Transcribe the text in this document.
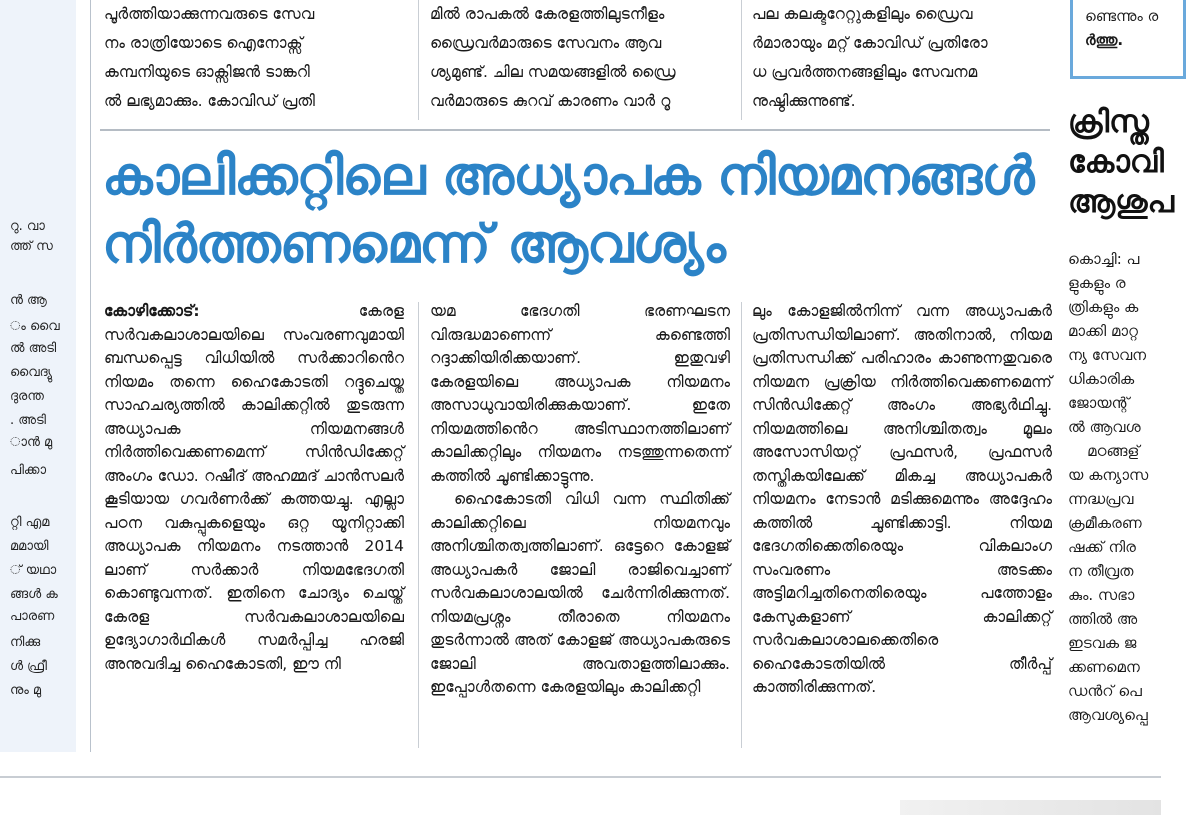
റു. വാ
ത്ത് സ
ൻ ആ
ം വൈ
ൽ അടി
വൈദ്യു
ദുരന്ത
. അടി
ാൻ മു
പിക്കാ
റ്റി എമ
മമായി
് യഥാ
ങ്ങൾ ക
പാരണ
നിക്കു
ൾ ഫ്രീ
നും മു
പൂർത്തിയാക്കുന്നവരുടെ സേവ
നം രാത്രിയോടെ ഐനോക്സ്
കമ്പനിയുടെ ഓക്സിജൻ ടാങ്കറി
ൽ ലഭ്യമാക്കും. കോവിഡ് പ്രതി
മിൽ രാപകൽ കേരളത്തിലുടനീളം
ഡ്രൈവർമാരുടെ സേവനം ആവ
ശ്യമുണ്ട്. ചില സമയങ്ങളിൽ ഡ്രൈ
വർമാരുടെ കുറവ് കാരണം വാർ റൂ
പല കലക്ടറേറ്റുകളിലും ഡ്രൈവ
ർമാരായും മറ്റ് കോവിഡ് പ്രതിരോ
ധ പ്രവർത്തനങ്ങളിലും സേവനമ
നുഷ്ഠിക്കുന്നുണ്ട്.
കാലിക്കറ്റിലെ അധ്യാപക നിയമനങ്ങൾ
നിർത്തണമെന്ന് ആവശ്യം

കോഴിക്കോട്:	കേരള സർവകലാശാലയിലെ സംവരണവുമായി ബന്ധപ്പെട്ട വിധിയിൽ സർക്കാറിൻെറ നിയമം തന്നെ ഹൈകോടതി റദ്ദുചെയ്ത സാഹചര്യത്തിൽ കാലിക്കറ്റിൽ തുടരുന്ന അധ്യാപക നിയമനങ്ങൾ നിർത്തിവെക്കണമെന്ന് സിൻഡിക്കേറ്റ് അംഗം ഡോ. റഷീദ് അഹമ്മദ് ചാൻസലർ കൂടിയായ ഗവർണർക്ക് കത്തയച്ചു. എല്ലാ പഠന വകുപ്പുകളെയും ഒറ്റ യൂനിറ്റാക്കി അധ്യാപക നിയമനം നടത്താൻ 2014 ലാണ് സർക്കാർ നിയമഭേദഗതി കൊണ്ടുവന്നത്. ഇതിനെ ചോദ്യം ചെയ്ത് കേരള സർവകലാശാലയിലെ ഉദ്യോഗാർഥികൾ സമർപ്പിച്ച ഹരജി അനുവദിച്ച ഹൈകോടതി, ഈ നി

യമ ഭേദഗതി ഭരണഘടന വിരുദ്ധമാണെന്ന് കണ്ടെത്തി റദ്ദാക്കിയിരിക്കയാണ്. ഇതുവഴി കേരളയിലെ അധ്യാപക നിയമനം അസാധുവായിരിക്കുകയാണ്. ഇതേ നിയമത്തിൻെറ അടിസ്ഥാനത്തിലാണ് കാലിക്കറ്റിലും നിയമനം നടത്തുന്നതെന്ന് കത്തിൽ ചൂണ്ടിക്കാട്ടുന്നു.

ഹൈകോടതി വിധി വന്ന സ്ഥിതിക്ക് കാലിക്കറ്റിലെ നിയമനവും അനിശ്ചിതത്വത്തിലാണ്. ഒട്ടേറെ കോളജ് അധ്യാപകർ ജോലി രാജിവെച്ചാണ് സർവകലാശാലയിൽ ചേർന്നിരിക്കുന്നത്. നിയമപ്രശ്നം തീരാതെ നിയമനം തുടർന്നാൽ അത് കോളജ് അധ്യാപകരുടെ ജോലി അവതാളത്തിലാക്കും. ഇപ്പോൾതന്നെ കേരളയിലും കാലിക്കറ്റി

ലും കോളജിൽനിന്ന് വന്ന അധ്യാപകർ പ്രതിസന്ധിയിലാണ്. അതിനാൽ, നിയമ പ്രതിസന്ധിക്ക് പരിഹാരം കാണുന്നതുവരെ നിയമന പ്രക്രിയ നിർത്തിവെക്കണമെന്ന് സിൻഡിക്കേറ്റ് അംഗം അഭ്യർഥിച്ചു. നിയമത്തിലെ അനിശ്ചിതത്വം മൂലം അസോസിയറ്റ് പ്രഫസർ, പ്രഫസർ തസ്തികയിലേക്ക് മികച്ച അധ്യാപകർ നിയമനം നേടാൻ മടിക്കുമെന്നും അദ്ദേഹം കത്തിൽ ചൂണ്ടിക്കാട്ടി. നിയമ ഭേദഗതിക്കെതിരെയും വികലാംഗ സംവരണം അടക്കം അട്ടിമറിച്ചതിനെതിരെയും പത്തോളം കേസുകളാണ് കാലിക്കറ്റ് സർവകലാശാലക്കെതിരെ ഹൈകോടതിയിൽ തീർപ്പ് കാത്തിരിക്കുന്നത്.

ണ്ടെന്നും ര
ർത്തു.
ക്രിസ്ത
കോവി
ആശുപ
കൊച്ചി: പ
ളുകളും ര
ത്രികളും ക
മാക്കി മാറ്റ
ന്യ സേവന
ധികാരിക
ജോയന്റ്
ൽ ആവശ
മഠങ്ങള്
യ കന്യാസ
ന്നദ്ധപ്രവ
ക്രമീകരണ
ഷക്ക് നിര
ന തീവ്രത
കും. സഭാ
ത്തിൽ അ
ഇടവക ജ
ക്കണമെന
ഡൻറ് പെ
ആവശ്യപ്പെ
